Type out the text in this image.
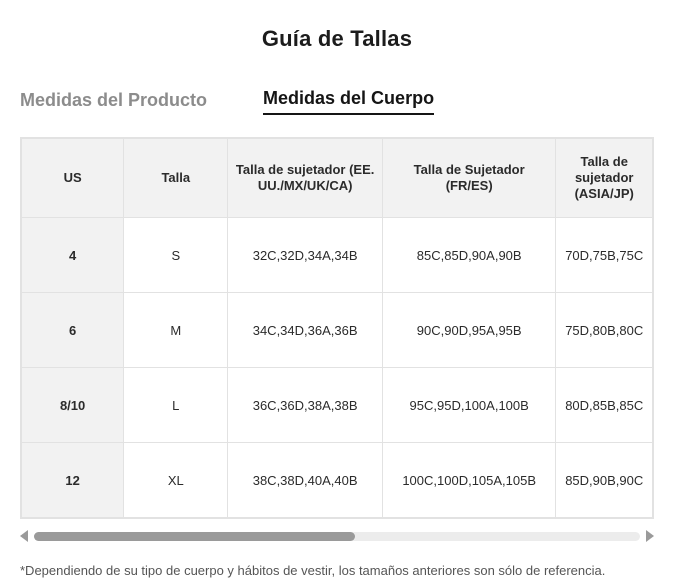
Guía de Tallas
Medidas del Producto	Medidas del Cuerpo
US	Talla	Talla de sujetador (EE. UU./MX/UK/CA)	Talla de Sujetador (FR/ES)	Talla de sujetador (ASIA/JP)
4	S	32C,32D,34A,34B	85C,85D,90A,90B	70D,75B,75C
6	M	34C,34D,36A,36B	90C,90D,95A,95B	75D,80B,80C
8/10	L	36C,36D,38A,38B	95C,95D,100A,100B	80D,85B,85C
12	XL	38C,38D,40A,40B	100C,100D,105A,105B	85D,90B,90C
*Dependiendo de su tipo de cuerpo y hábitos de vestir, los tamaños anteriores son sólo de referencia.
